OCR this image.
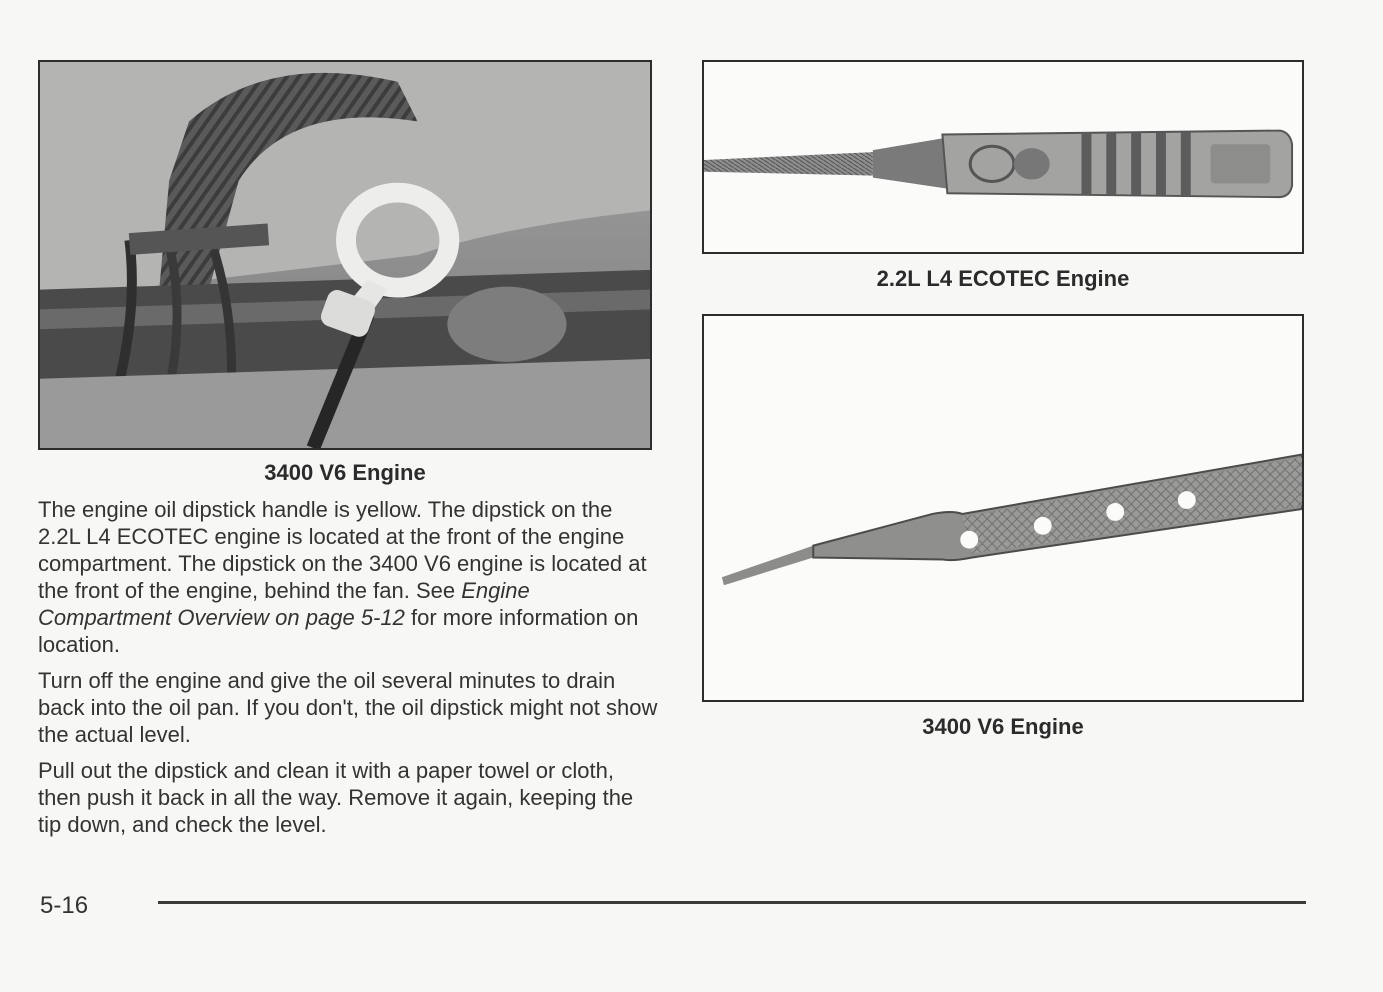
3400 V6 Engine
2.2L L4 ECOTEC Engine
3400 V6 Engine

The engine oil dipstick handle is yellow. The dipstick on the 2.2L L4 ECOTEC engine is located at the front of the engine compartment. The dipstick on the 3400 V6 engine is located at the front of the engine, behind the fan. See Engine Compartment Overview on page 5-12 for more information on location.

Turn off the engine and give the oil several minutes to drain back into the oil pan. If you don't, the oil dipstick might not show the actual level.

Pull out the dipstick and clean it with a paper towel or cloth, then push it back in all the way. Remove it again, keeping the tip down, and check the level.

5-16
